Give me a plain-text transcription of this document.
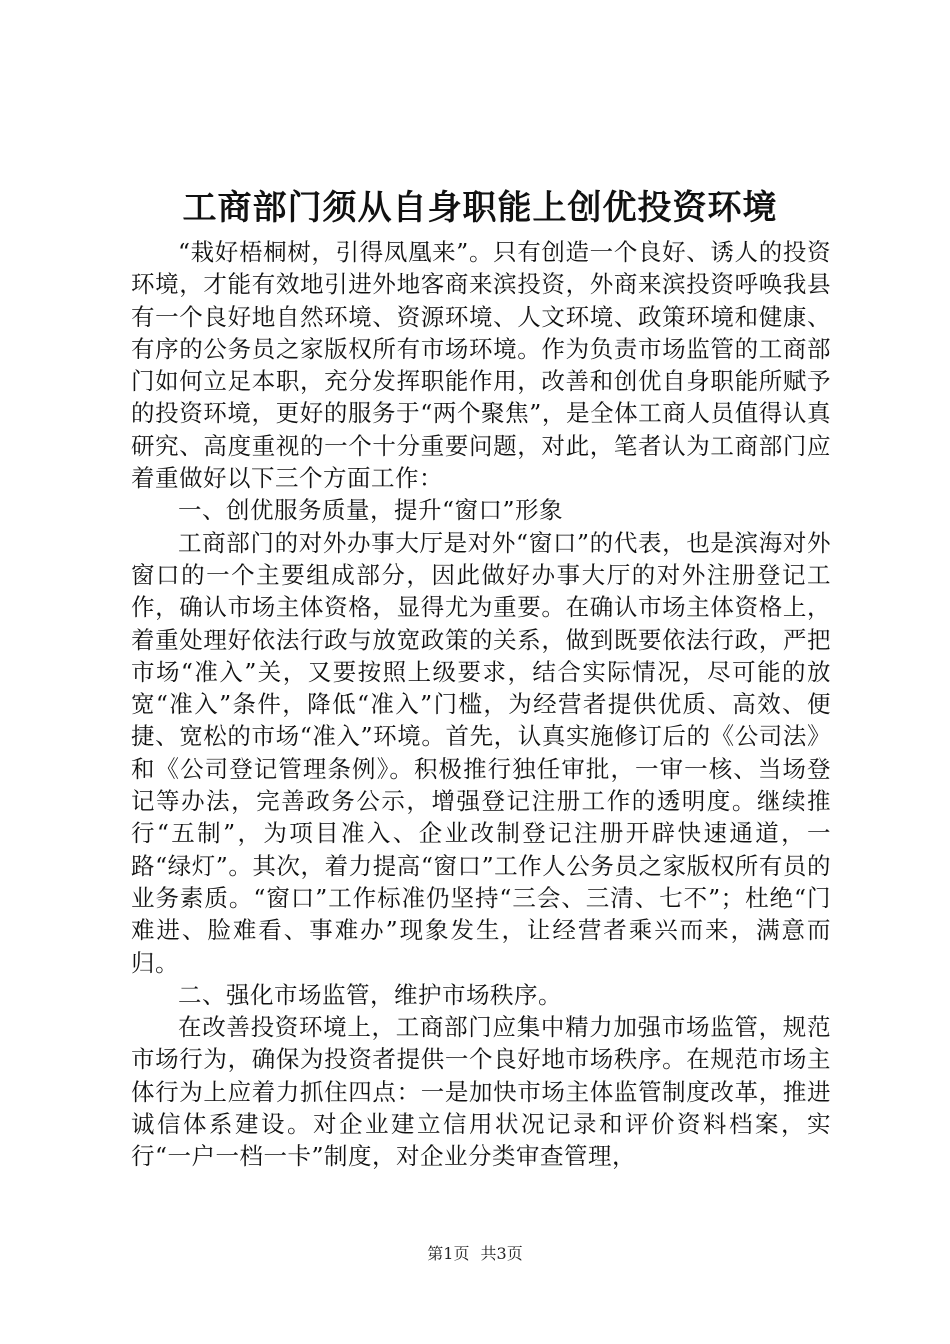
工商部门须从自身职能上创优投资环境

“栽好梧桐树，引得凤凰来”。只有创造一个良好、诱人的投资环境，才能有效地引进外地客商来滨投资，外商来滨投资呼唤我县有一个良好地自然环境、资源环境、人文环境、政策环境和健康、有序的公务员之家版权所有市场环境。作为负责市场监管的工商部门如何立足本职，充分发挥职能作用，改善和创优自身职能所赋予的投资环境，更好的服务于“两个聚焦”，是全体工商人员值得认真研究、高度重视的一个十分重要问题，对此，笔者认为工商部门应着重做好以下三个方面工作：

一、创优服务质量，提升“窗口”形象

工商部门的对外办事大厅是对外“窗口”的代表，也是滨海对外窗口的一个主要组成部分，因此做好办事大厅的对外注册登记工作，确认市场主体资格，显得尤为重要。在确认市场主体资格上，着重处理好依法行政与放宽政策的关系，做到既要依法行政，严把市场“准入”关，又要按照上级要求，结合实际情况，尽可能的放宽“准入”条件，降低“准入”门槛，为经营者提供优质、高效、便捷、宽松的市场“准入”环境。首先，认真实施修订后的《公司法》和《公司登记管理条例》。积极推行独任审批，一审一核、当场登记等办法，完善政务公示，增强登记注册工作的透明度。继续推行“五制”，为项目准入、企业改制登记注册开辟快速通道，一路“绿灯”。其次，着力提高“窗口”工作人公务员之家版权所有员的业务素质。“窗口”工作标准仍坚持“三会、三清、七不”；杜绝“门难进、脸难看、事难办”现象发生，让经营者乘兴而来，满意而归。

二、强化市场监管，维护市场秩序。

在改善投资环境上，工商部门应集中精力加强市场监管，规范市场行为，确保为投资者提供一个良好地市场秩序。在规范市场主体行为上应着力抓住四点：一是加快市场主体监管制度改革，推进诚信体系建设。对企业建立信用状况记录和评价资料档案，实行“一户一档一卡”制度，对企业分类审查管理，

第1页 共3页
